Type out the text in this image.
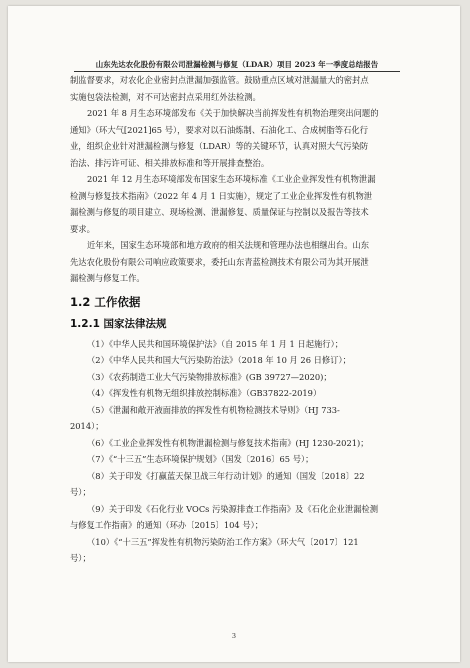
山东先达农化股份有限公司泄漏检测与修复（LDAR）项目 2023 年一季度总结报告

制监督要求，对农化企业密封点泄漏加强监管。鼓励重点区域对泄漏量大的密封点
实施包袋法检测，对不可达密封点采用红外法检测。

2021 年 8 月生态环境部发布《关于加快解决当前挥发性有机物治理突出问题的
通知》（环大气[2021]65 号），要求对以石油炼制、石油化工、合成树脂等石化行
业，组织企业针对泄漏检测与修复（LDAR）等的关键环节，认真对照大气污染防
治法、排污许可证、相关排放标准和等开展排查整治。

2021 年 12 月生态环境部发布国家生态环境标准《工业企业挥发性有机物泄漏
检测与修复技术指南》（2022 年 4 月 1 日实施），规定了工业企业挥发性有机物泄
漏检测与修复的项目建立、现场检测、泄漏修复、质量保证与控制以及报告等技术
要求。

近年来，国家生态环境部和地方政府的相关法规和管理办法也相继出台。山东
先达农化股份有限公司响应政策要求，委托山东青蓝检测技术有限公司为其开展泄
漏检测与修复工作。

1.2 工作依据
1.2.1 国家法律法规

（1）《中华人民共和国环境保护法》（自 2015 年 1 月 1 日起施行）；

（2）《中华人民共和国大气污染防治法》（2018 年 10 月 26 日修订）；

（3）《农药制造工业大气污染物排放标准》(GB 39727—2020)；

（4）《挥发性有机物无组织排放控制标准》（GB37822-2019）

（5）《泄漏和敞开液面排放的挥发性有机物检测技术导则》（HJ 733-
2014）；

（6）《工业企业挥发性有机物泄漏检测与修复技术指南》(HJ 1230-2021)；

（7）《“十三五”生态环境保护规划》（国发〔2016〕65 号）；

（8）关于印发《打赢蓝天保卫战三年行动计划》的通知（国发〔2018〕22
号）；

（9）关于印发《石化行业 VOCs 污染源排查工作指南》及《石化企业泄漏检测
与修复工作指南》的通知（环办〔2015〕104 号）；

（10）《“十三五”挥发性有机物污染防治工作方案》（环大气〔2017〕121
号）；

3
